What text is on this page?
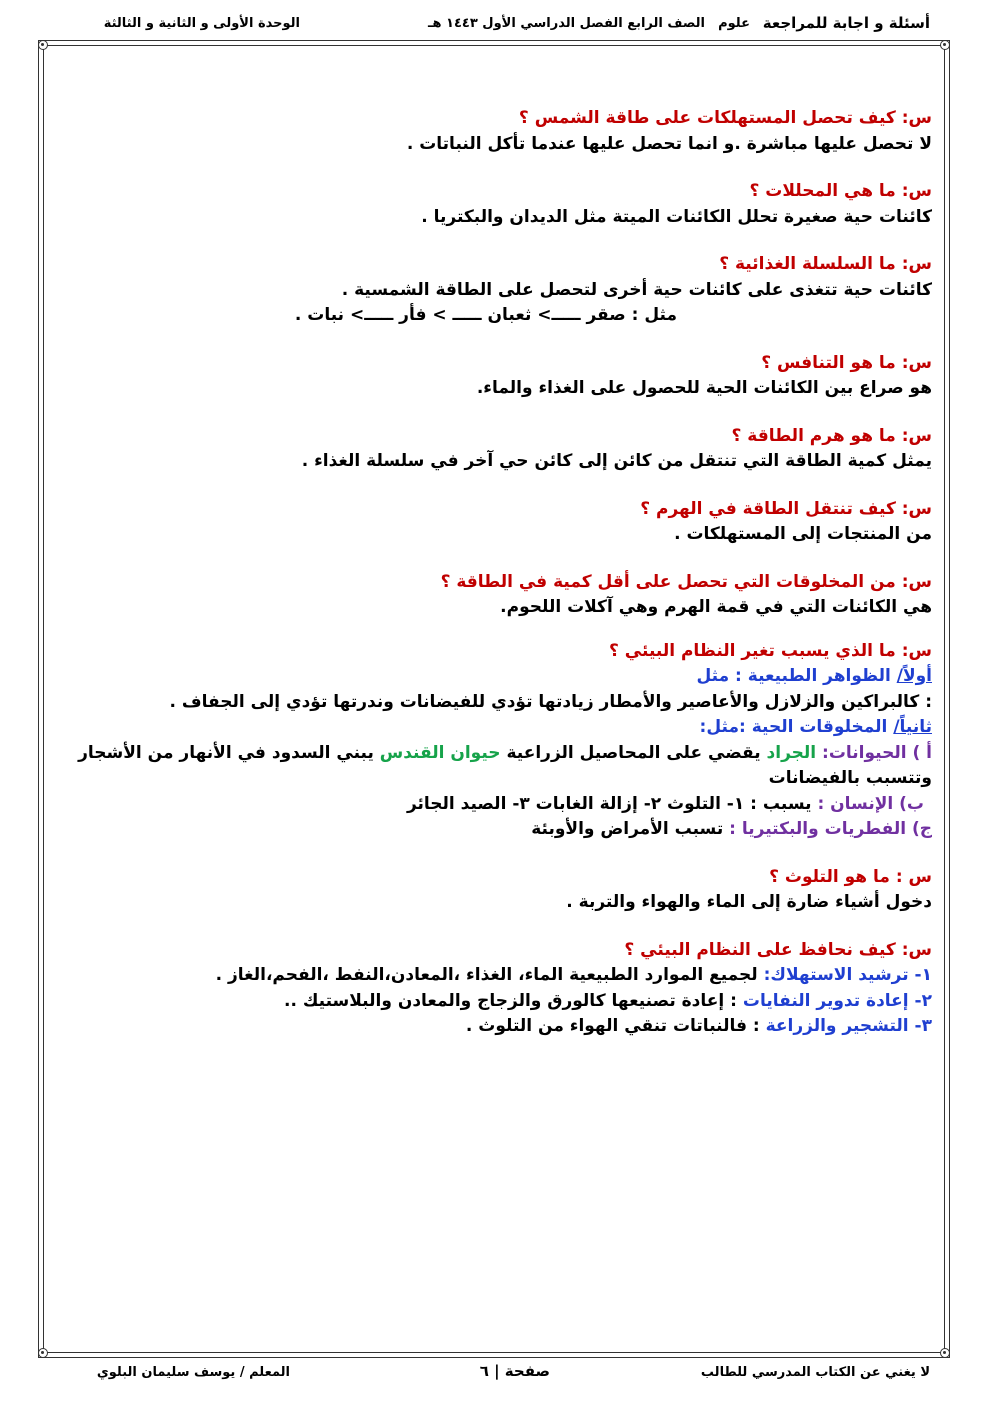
أسئلة و اجابة للمراجعة
علوم
الصف الرابع الفصل الدراسي الأول ١٤٤٣ هـ
الوحدة الأولى و الثانية و الثالثة
س: كيف تحصل المستهلكات على طاقة الشمس ؟
لا تحصل عليها مباشرة .و انما تحصل عليها عندما تأكل النباتات .
س: ما هي المحللات ؟
كائنات حية صغيرة تحلل الكائنات الميتة مثل الديدان والبكتريا .
س: ما السلسلة الغذائية ؟
كائنات حية تتغذى على كائنات حية أخرى لتحصل على الطاقة الشمسية .
مثل : صقر ـــــ> ثعبان ـــــ > فأر ـــــ> نبات .
س: ما هو التنافس ؟
هو صراع بين الكائنات الحية للحصول على الغذاء والماء.
س: ما هو هرم الطاقة ؟
يمثل كمية الطاقة التي تنتقل من كائن إلى كائن حي آخر في سلسلة الغذاء .
س: كيف تنتقل الطاقة في الهرم ؟
من المنتجات إلى المستهلكات .
س: من المخلوقات التي تحصل على أقل كمية في الطاقة ؟
هي الكائنات التي في قمة الهرم وهي آكلات اللحوم.
س: ما الذي يسبب تغير النظام البيئي ؟
أولاً/ الظواهر الطبيعية : مثل
: كالبراكين والزلازل والأعاصير والأمطار زيادتها تؤدي للفيضانات وندرتها تؤدي إلى الجفاف .
ثانياً/ المخلوقات الحية :مثل:
أ ) الحيوانات: الجراد يقضي على المحاصيل الزراعية حيوان القندس يبني السدود في الأنهار من الأشجار وتتسبب بالفيضانات
ب) الإنسان : يسبب : ١- التلوث ٢- إزالة الغابات ٣- الصيد الجائر
ج) الفطريات والبكتيريا : تسبب الأمراض والأوبئة
س : ما هو التلوث ؟
دخول أشياء ضارة إلى الماء والهواء والتربة .
س: كيف نحافظ على النظام البيئي ؟
١- ترشيد الاستهلاك: لجميع الموارد الطبيعية الماء، الغذاء ،المعادن،النفط ،الفحم،الغاز .
٢- إعادة تدوير النفايات : إعادة تصنيعها كالورق والزجاج والمعادن والبلاستيك ..
٣- التشجير والزراعة : فالنباتات تنقي الهواء من التلوث .
لا يغني عن الكتاب المدرسي للطالب
صفحة | ٦
المعلم / يوسف سليمان البلوي
